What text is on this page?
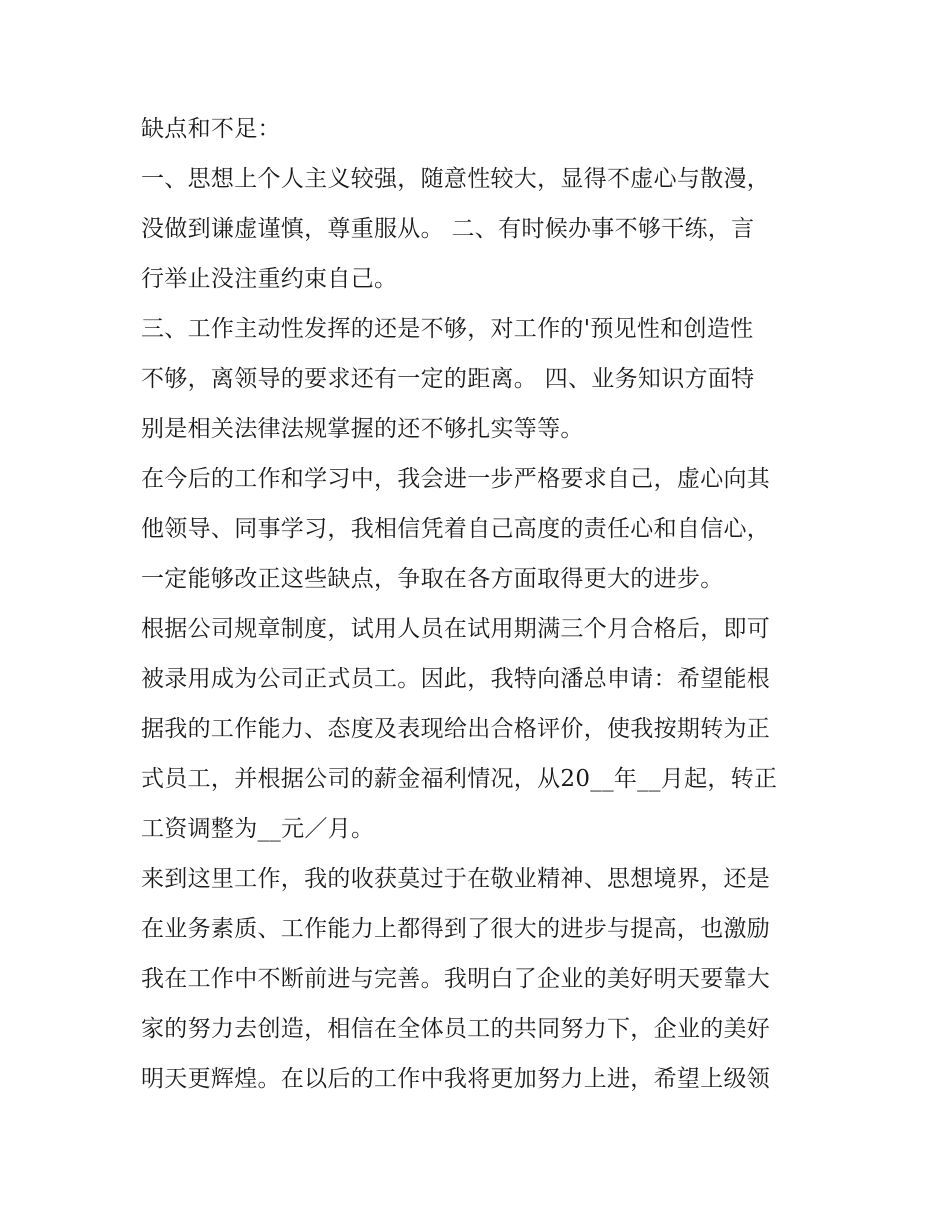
缺点和不足：
一、思想上个人主义较强，随意性较大，显得不虚心与散漫，
没做到谦虚谨慎，尊重服从。 二、有时候办事不够干练，言
行举止没注重约束自己。
三、工作主动性发挥的还是不够，对工作的'预见性和创造性
不够，离领导的要求还有一定的距离。 四、业务知识方面特
别是相关法律法规掌握的还不够扎实等等。
在今后的工作和学习中，我会进一步严格要求自己，虚心向其
他领导、同事学习，我相信凭着自己高度的责任心和自信心，
一定能够改正这些缺点，争取在各方面取得更大的进步。
根据公司规章制度，试用人员在试用期满三个月合格后，即可
被录用成为公司正式员工。因此，我特向潘总申请：希望能根
据我的工作能力、态度及表现给出合格评价，使我按期转为正
式员工，并根据公司的薪金福利情况，从20__年__月起，转正
工资调整为__元／月。
来到这里工作，我的收获莫过于在敬业精神、思想境界，还是
在业务素质、工作能力上都得到了很大的进步与提高，也激励
我在工作中不断前进与完善。我明白了企业的美好明天要靠大
家的努力去创造，相信在全体员工的共同努力下，企业的美好
明天更辉煌。在以后的工作中我将更加努力上进，希望上级领
